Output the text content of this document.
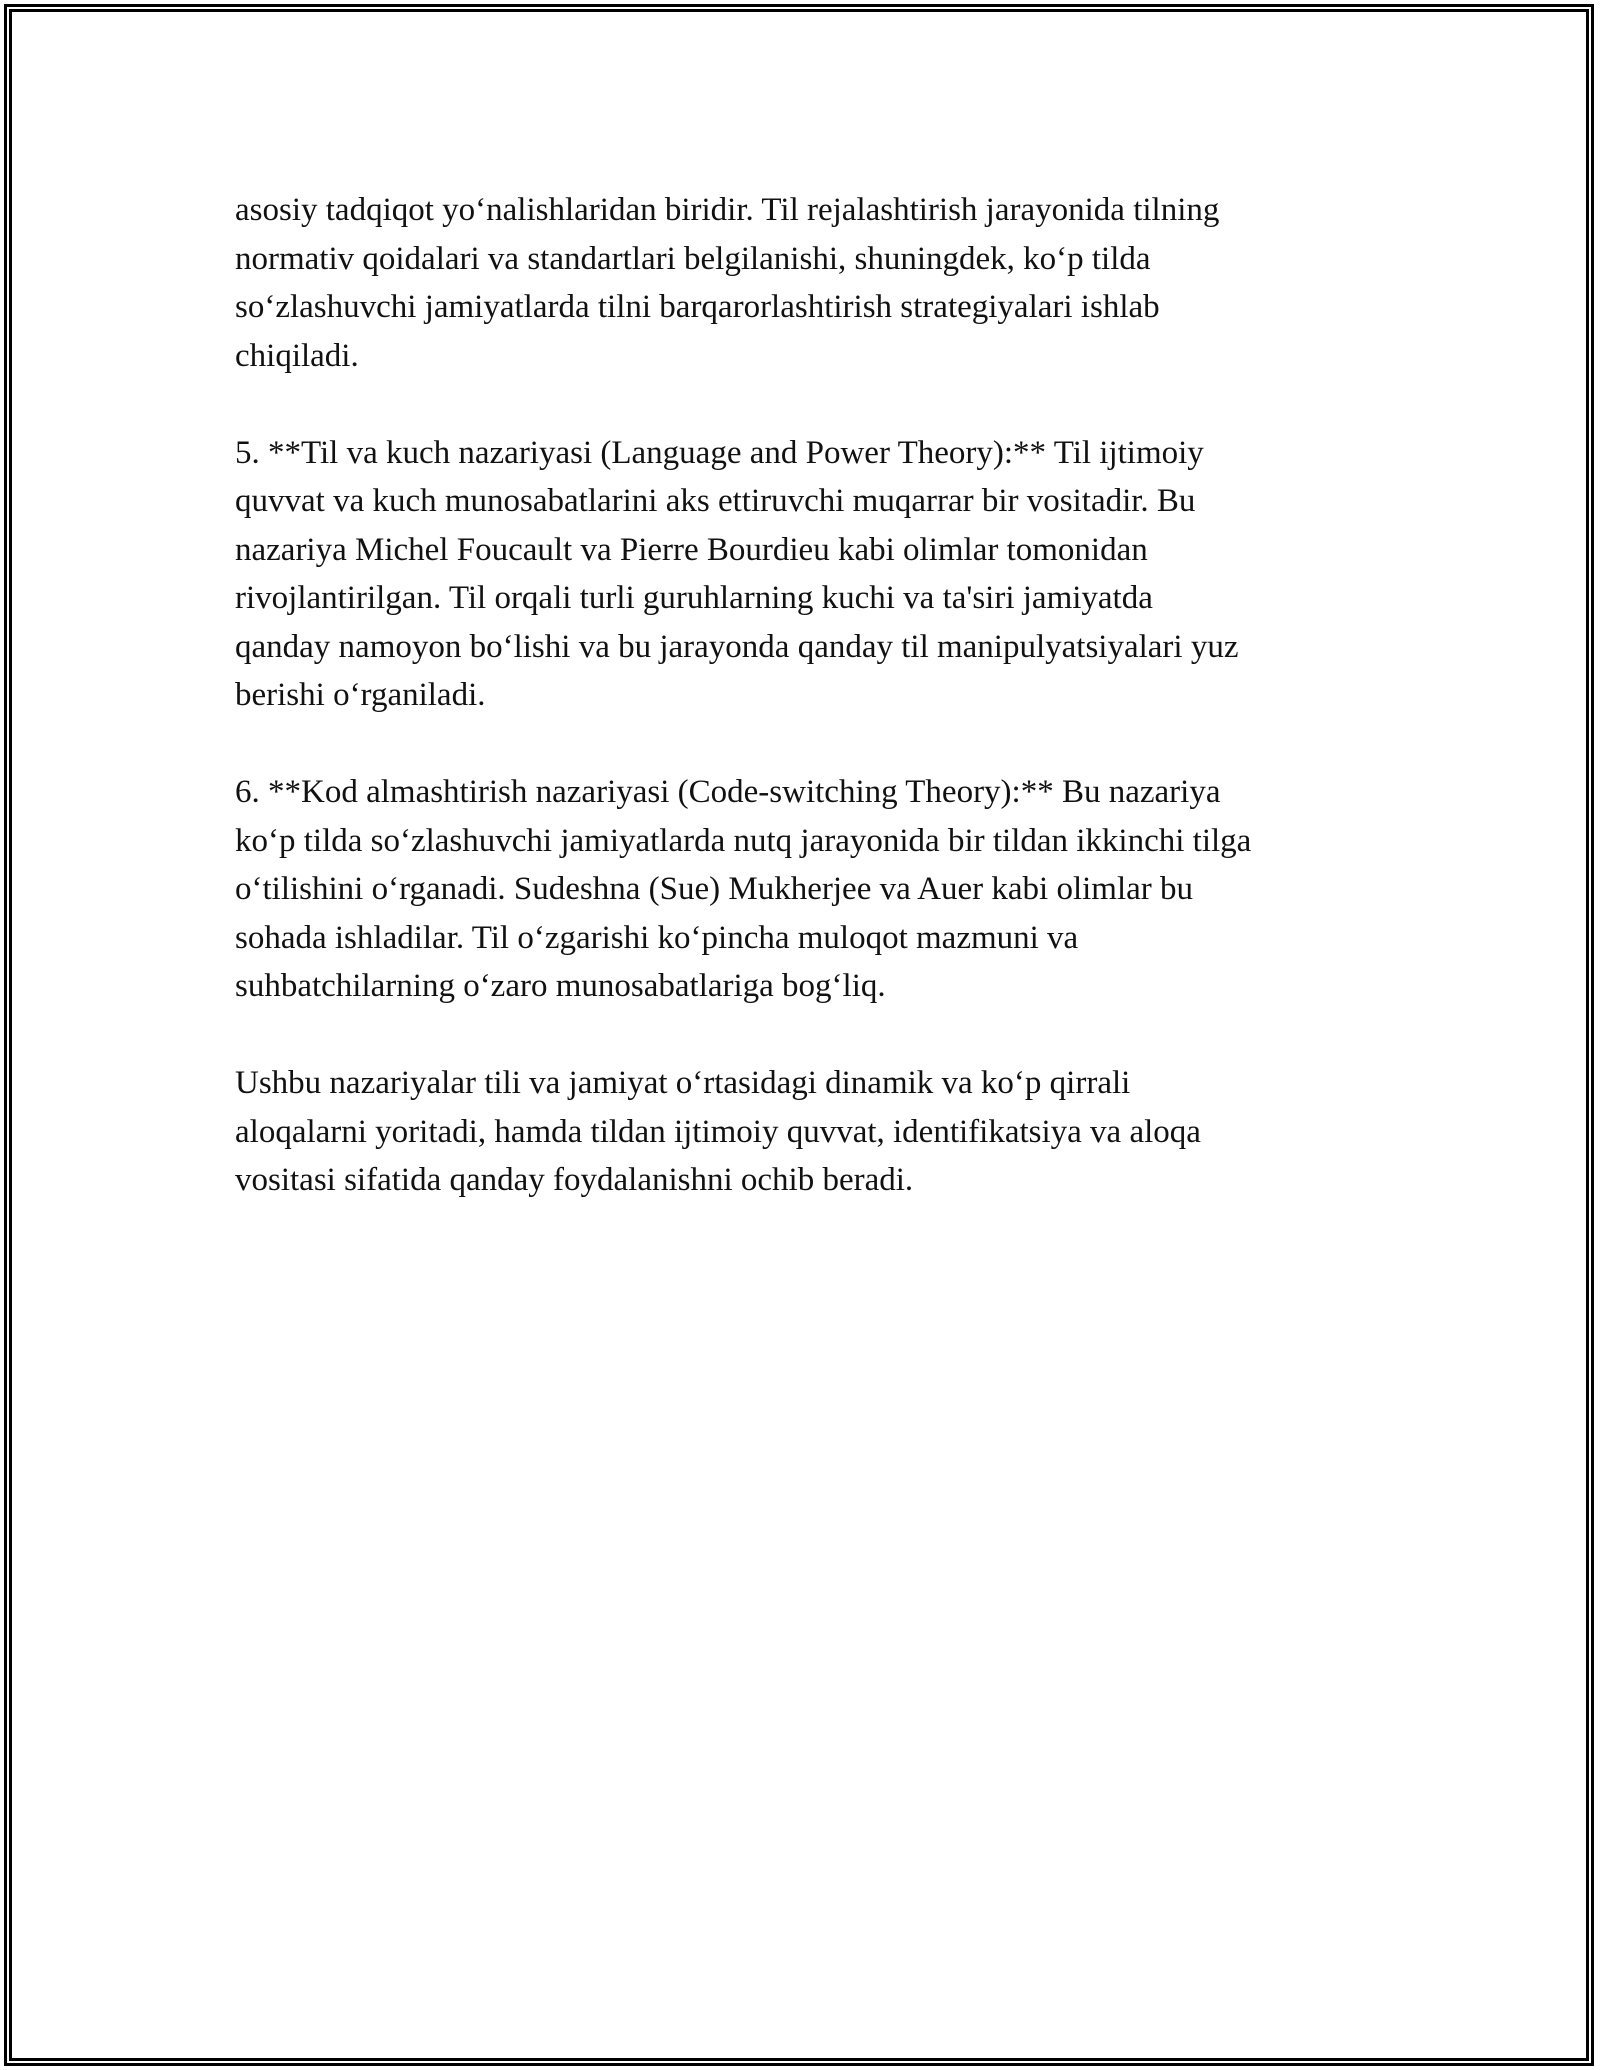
asosiy tadqiqot yo‘nalishlaridan biridir. Til rejalashtirish jarayonida tilning
normativ qoidalari va standartlari belgilanishi, shuningdek, ko‘p tilda
so‘zlashuvchi jamiyatlarda tilni barqarorlashtirish strategiyalari ishlab
chiqiladi.

5. **Til va kuch nazariyasi (Language and Power Theory):** Til ijtimoiy
quvvat va kuch munosabatlarini aks ettiruvchi muqarrar bir vositadir. Bu
nazariya Michel Foucault va Pierre Bourdieu kabi olimlar tomonidan
rivojlantirilgan. Til orqali turli guruhlarning kuchi va ta'siri jamiyatda
qanday namoyon bo‘lishi va bu jarayonda qanday til manipulyatsiyalari yuz
berishi o‘rganiladi.

6. **Kod almashtirish nazariyasi (Code-switching Theory):** Bu nazariya
ko‘p tilda so‘zlashuvchi jamiyatlarda nutq jarayonida bir tildan ikkinchi tilga
o‘tilishini o‘rganadi. Sudeshna (Sue) Mukherjee va Auer kabi olimlar bu
sohada ishladilar. Til o‘zgarishi ko‘pincha muloqot mazmuni va
suhbatchilarning o‘zaro munosabatlariga bog‘liq.

Ushbu nazariyalar tili va jamiyat o‘rtasidagi dinamik va ko‘p qirrali
aloqalarni yoritadi, hamda tildan ijtimoiy quvvat, identifikatsiya va aloqa
vositasi sifatida qanday foydalanishni ochib beradi.
